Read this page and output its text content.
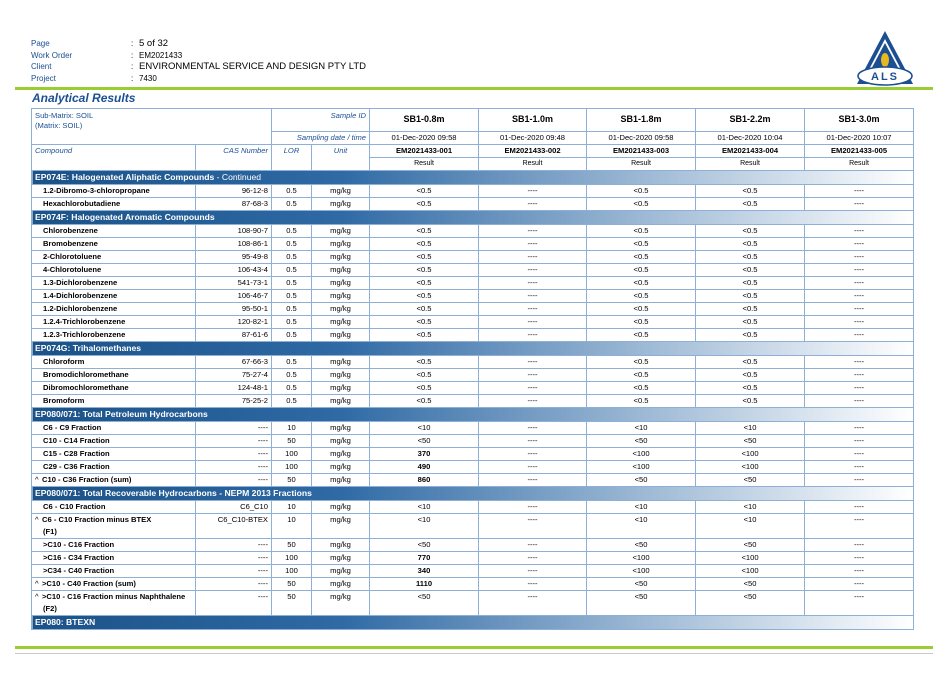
Page	: 5 of 32
Work Order	: EM2021433
Client	: ENVIRONMENTAL SERVICE AND DESIGN PTY LTD
Project	: 7430	ALS
Analytical Results
Sub-Matrix: SOIL
(Matrix: SOIL)		Sample ID		SB1-0.8m	SB1-1.0m	SB1-1.8m	SB1-2.2m	SB1-3.0m

		Sampling date / time		01-Dec-2020 09:58	01-Dec-2020 09:48	01-Dec-2020 09:58	01-Dec-2020 10:04	01-Dec-2020 10:07
Compound	CAS Number	LOR	Unit	EM2021433-001	EM2021433-002	EM2021433-003	EM2021433-004	EM2021433-005
				Result	Result	Result	Result	Result
EP074E: Halogenated Aliphatic Compounds - Continued								
1.2-Dibromo-3-chloropropane	96-12-8	0.5	mg/kg	<0.5	----	<0.5	<0.5	----
Hexachlorobutadiene	87-68-3	0.5	mg/kg	<0.5	----	<0.5	<0.5	----
EP074F: Halogenated Aromatic Compounds								
Chlorobenzene	108-90-7	0.5	mg/kg	<0.5	----	<0.5	<0.5	----
Bromobenzene	108-86-1	0.5	mg/kg	<0.5	----	<0.5	<0.5	----
2-Chlorotoluene	95-49-8	0.5	mg/kg	<0.5	----	<0.5	<0.5	----
4-Chlorotoluene	106-43-4	0.5	mg/kg	<0.5	----	<0.5	<0.5	----
1.3-Dichlorobenzene	541-73-1	0.5	mg/kg	<0.5	----	<0.5	<0.5	----
1.4-Dichlorobenzene	106-46-7	0.5	mg/kg	<0.5	----	<0.5	<0.5	----
1.2-Dichlorobenzene	95-50-1	0.5	mg/kg	<0.5	----	<0.5	<0.5	----
1.2.4-Trichlorobenzene	120-82-1	0.5	mg/kg	<0.5	----	<0.5	<0.5	----
1.2.3-Trichlorobenzene	87-61-6	0.5	mg/kg	<0.5	----	<0.5	<0.5	----
EP074G: Trihalomethanes								
Chloroform	67-66-3	0.5	mg/kg	<0.5	----	<0.5	<0.5	----
Bromodichloromethane	75-27-4	0.5	mg/kg	<0.5	----	<0.5	<0.5	----
Dibromochloromethane	124-48-1	0.5	mg/kg	<0.5	----	<0.5	<0.5	----
Bromoform	75-25-2	0.5	mg/kg	<0.5	----	<0.5	<0.5	----
EP080/071: Total Petroleum Hydrocarbons								
C6 - C9 Fraction	----	10	mg/kg	<10	----	<10	<10	----
C10 - C14 Fraction	----	50	mg/kg	<50	----	<50	<50	----
C15 - C28 Fraction	----	100	mg/kg	370	----	<100	<100	----
C29 - C36 Fraction	----	100	mg/kg	490	----	<100	<100	----
^ C10 - C36 Fraction (sum)	----	50	mg/kg	860	----	<50	<50	----
EP080/071: Total Recoverable Hydrocarbons - NEPM 2013 Fractions								
C6 - C10 Fraction	C6_C10	10	mg/kg	<10	----	<10	<10	----
^ C6 - C10 Fraction minus BTEX
(F1)	C6_C10-BTEX	10	mg/kg	<10	----	<10	<10	----
>C10 - C16 Fraction	----	50	mg/kg	<50	----	<50	<50	----
>C16 - C34 Fraction	----	100	mg/kg	770	----	<100	<100	----
>C34 - C40 Fraction	----	100	mg/kg	340	----	<100	<100	----
^ >C10 - C40 Fraction (sum)	----	50	mg/kg	1110	----	<50	<50	----
^ >C10 - C16 Fraction minus Naphthalene
(F2)	----	50	mg/kg	<50	----	<50	<50	----
EP080: BTEXN								
